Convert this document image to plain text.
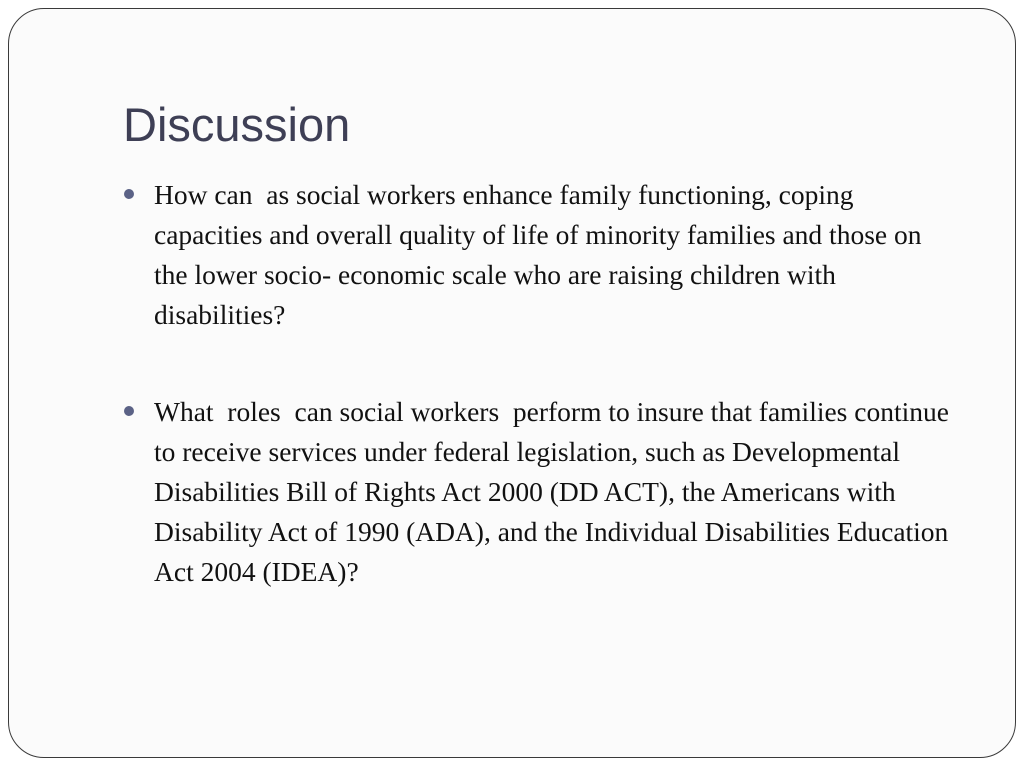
Discussion
How can  as social workers enhance family functioning, coping capacities and overall quality of life of minority families and those on the lower socio- economic scale who are raising children with disabilities?
What  roles  can social workers  perform to insure that families continue to receive services under federal legislation, such as Developmental Disabilities Bill of Rights Act 2000 (DD ACT), the Americans with Disability Act of 1990 (ADA), and the Individual Disabilities Education Act 2004 (IDEA)?
